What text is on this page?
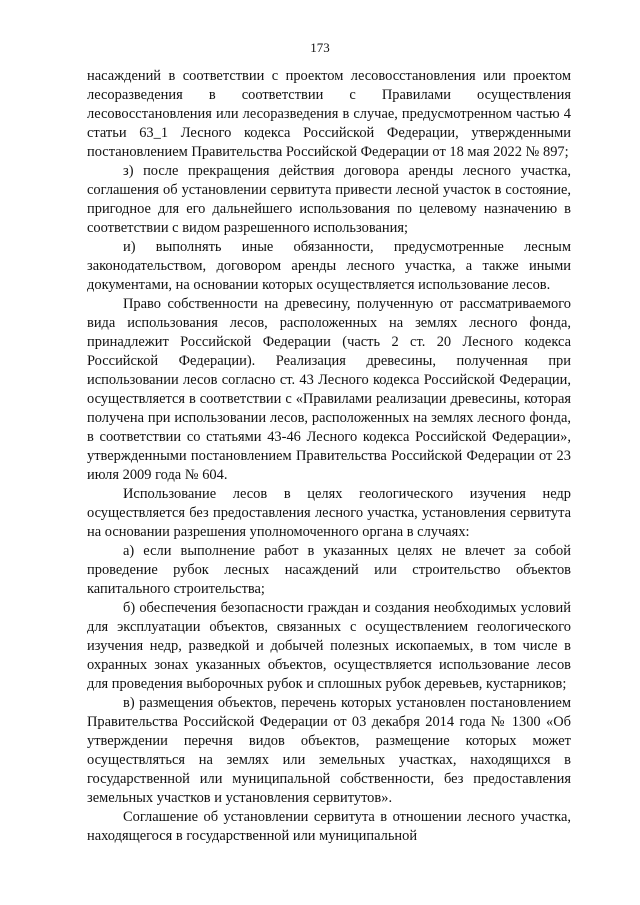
173

насаждений в соответствии с проектом лесовосстановления или проектом лесоразведения в соответствии с Правилами осуществления лесовосстановления или лесоразведения в случае, предусмотренном частью 4 статьи 63_1 Лесного кодекса Российской Федерации, утвержденными постановлением Правительства Российской Федерации от 18 мая 2022 № 897;

з) после прекращения действия договора аренды лесного участка, соглашения об установлении сервитута привести лесной участок в состояние, пригодное для его дальнейшего использования по целевому назначению в соответствии с видом разрешенного использования;

и) выполнять иные обязанности, предусмотренные лесным законодательством, договором аренды лесного участка, а также иными документами, на основании которых осуществляется использование лесов.

Право собственности на древесину, полученную от рассматриваемого вида использования лесов, расположенных на землях лесного фонда, принадлежит Российской Федерации (часть 2 ст. 20 Лесного кодекса Российской Федерации). Реализация древесины, полученная при использовании лесов согласно ст. 43 Лесного кодекса Российской Федерации, осуществляется в соответствии с «Правилами реализации древесины, которая получена при использовании лесов, расположенных на землях лесного фонда, в соответствии со статьями 43-46 Лесного кодекса Российской Федерации», утвержденными постановлением Правительства Российской Федерации от 23 июля 2009 года № 604.

Использование лесов в целях геологического изучения недр осуществляется без предоставления лесного участка, установления сервитута на основании разрешения уполномоченного органа в случаях:

а) если выполнение работ в указанных целях не влечет за собой проведение рубок лесных насаждений или строительство объектов капитального строительства;

б) обеспечения безопасности граждан и создания необходимых условий для эксплуатации объектов, связанных с осуществлением геологического изучения недр, разведкой и добычей полезных ископаемых, в том числе в охранных зонах указанных объектов, осуществляется использование лесов для проведения выборочных рубок и сплошных рубок деревьев, кустарников;

в) размещения объектов, перечень которых установлен постановлением Правительства Российской Федерации от 03 декабря 2014 года № 1300 «Об утверждении перечня видов объектов, размещение которых может осуществляться на землях или земельных участках, находящихся в государственной или муниципальной собственности, без предоставления земельных участков и установления сервитутов».

Соглашение об установлении сервитута в отношении лесного участка, находящегося в государственной или муниципальной
